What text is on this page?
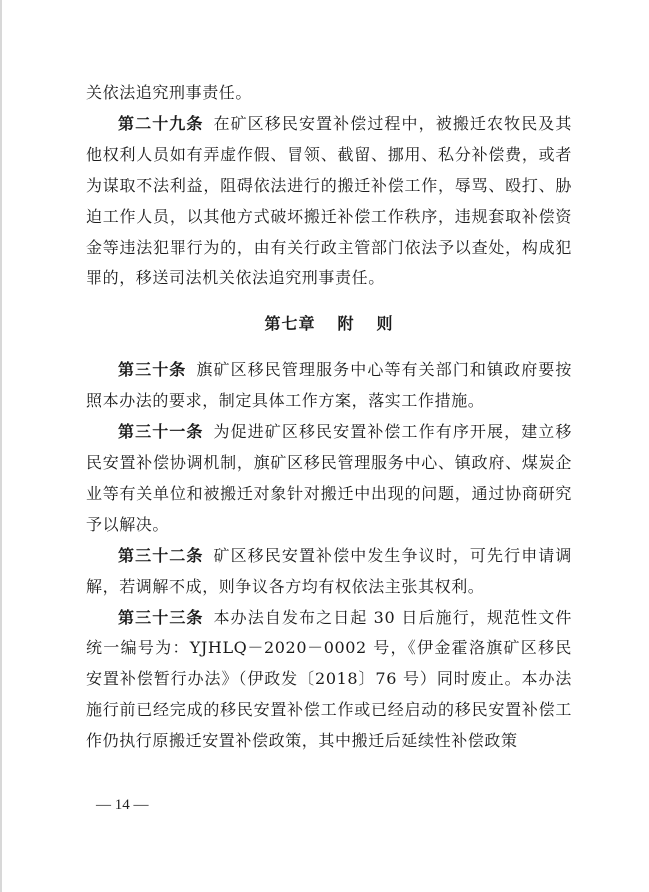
关依法追究刑事责任。

第二十九条 在矿区移民安置补偿过程中，被搬迁农牧民及其他权利人员如有弄虚作假、冒领、截留、挪用、私分补偿费，或者为谋取不法利益，阻碍依法进行的搬迁补偿工作，辱骂、殴打、胁迫工作人员，以其他方式破坏搬迁补偿工作秩序，违规套取补偿资金等违法犯罪行为的，由有关行政主管部门依法予以查处，构成犯罪的，移送司法机关依法追究刑事责任。

第七章 附 则

第三十条 旗矿区移民管理服务中心等有关部门和镇政府要按照本办法的要求，制定具体工作方案，落实工作措施。

第三十一条 为促进矿区移民安置补偿工作有序开展，建立移民安置补偿协调机制，旗矿区移民管理服务中心、镇政府、煤炭企业等有关单位和被搬迁对象针对搬迁中出现的问题，通过协商研究予以解决。

第三十二条 矿区移民安置补偿中发生争议时，可先行申请调解，若调解不成，则争议各方均有权依法主张其权利。

第三十三条 本办法自发布之日起 30 日后施行，规范性文件统一编号为：YJHLQ－2020－0002 号，《伊金霍洛旗矿区移民安置补偿暂行办法》（伊政发〔2018〕76 号）同时废止。本办法施行前已经完成的移民安置补偿工作或已经启动的移民安置补偿工作仍执行原搬迁安置补偿政策，其中搬迁后延续性补偿政策

— 14 —
